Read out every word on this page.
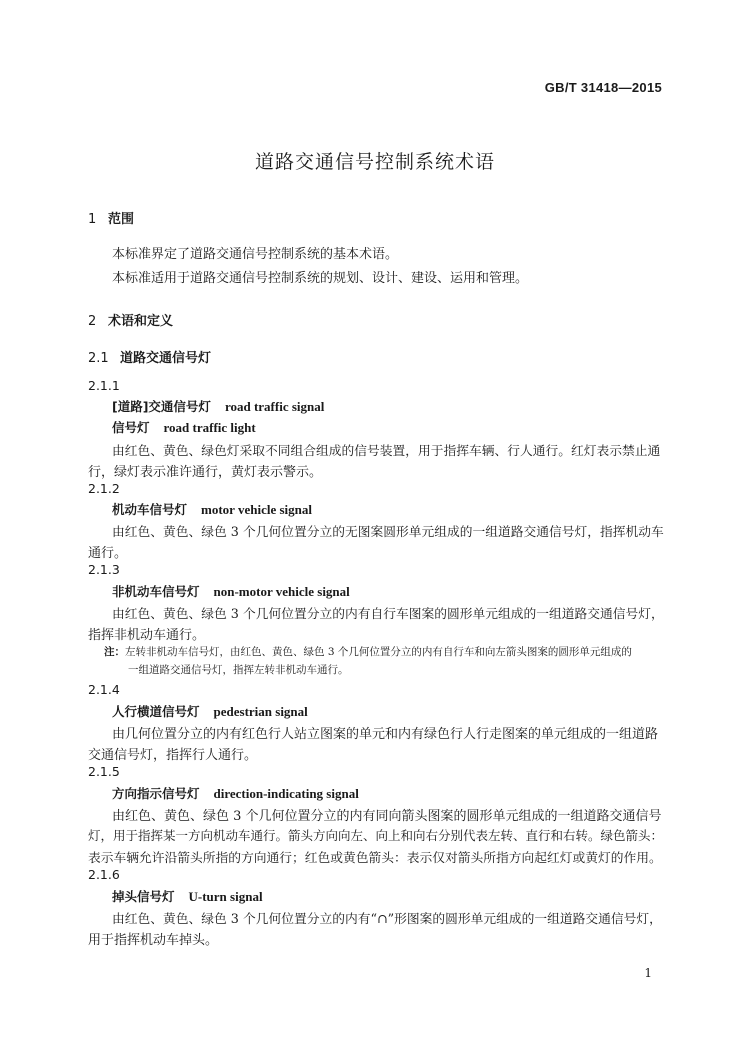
GB/T 31418—2015
道路交通信号控制系统术语
1 范围
本标准界定了道路交通信号控制系统的基本术语。
本标准适用于道路交通信号控制系统的规划、设计、建设、运用和管理。
2 术语和定义
2.1 道路交通信号灯
2.1.1
[道路]交通信号灯 road traffic signal
信号灯 road traffic light
由红色、黄色、绿色灯采取不同组合组成的信号装置，用于指挥车辆、行人通行。红灯表示禁止通
行，绿灯表示准许通行，黄灯表示警示。
2.1.2
机动车信号灯 motor vehicle signal
由红色、黄色、绿色 3 个几何位置分立的无图案圆形单元组成的一组道路交通信号灯，指挥机动车
通行。
2.1.3
非机动车信号灯 non-motor vehicle signal
由红色、黄色、绿色 3 个几何位置分立的内有自行车图案的圆形单元组成的一组道路交通信号灯，
指挥非机动车通行。
注：左转非机动车信号灯，由红色、黄色、绿色 3 个几何位置分立的内有自行车和向左箭头图案的圆形单元组成的
一组道路交通信号灯，指挥左转非机动车通行。
2.1.4
人行横道信号灯 pedestrian signal
由几何位置分立的内有红色行人站立图案的单元和内有绿色行人行走图案的单元组成的一组道路
交通信号灯，指挥行人通行。
2.1.5
方向指示信号灯 direction-indicating signal
由红色、黄色、绿色 3 个几何位置分立的内有同向箭头图案的圆形单元组成的一组道路交通信号
灯，用于指挥某一方向机动车通行。箭头方向向左、向上和向右分别代表左转、直行和右转。绿色箭头：
表示车辆允许沿箭头所指的方向通行；红色或黄色箭头：表示仅对箭头所指方向起红灯或黄灯的作用。
2.1.6
掉头信号灯 U-turn signal
由红色、黄色、绿色 3 个几何位置分立的内有“∩”形图案的圆形单元组成的一组道路交通信号灯，
用于指挥机动车掉头。
1
